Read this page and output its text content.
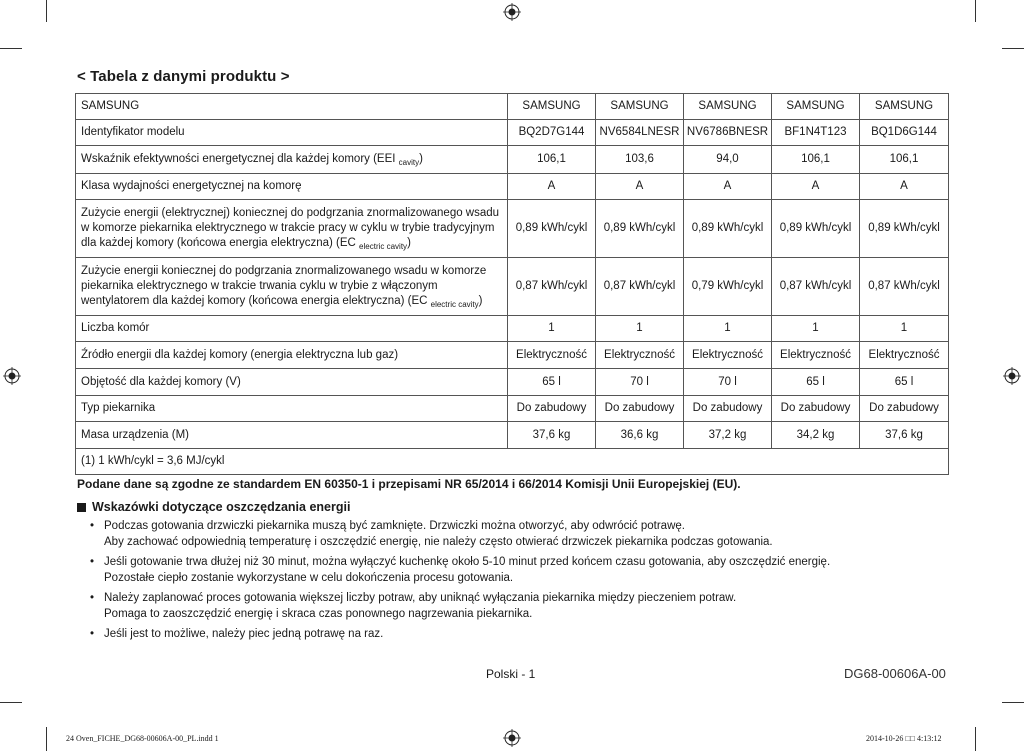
< Tabela z danymi produktu >
SAMSUNG	SAMSUNG	SAMSUNG	SAMSUNG	SAMSUNG	SAMSUNG
Identyfikator modelu	BQ2D7G144	NV6584LNESR	NV6786BNESR	BF1N4T123	BQ1D6G144
Wskaźnik efektywności energetycznej dla każdej komory (EEI $_{cavity}$)	106,1	103,6	94,0	106,1	106,1
Klasa wydajności energetycznej na komorę	A	A	A	A	A
Zużycie energii (elektrycznej) koniecznej do podgrzania znormalizowanego wsadu w komorze piekarnika elektrycznego w trakcie pracy w cyklu w trybie tradycyjnym dla każdej komory (końcowa energia elektryczna) (EC $_{electric cavity}$)	0,89 kWh/cykl	0,89 kWh/cykl	0,89 kWh/cykl	0,89 kWh/cykl	0,89 kWh/cykl
Zużycie energii koniecznej do podgrzania znormalizowanego wsadu w komorze piekarnika elektrycznego w trakcie trwania cyklu w trybie z włączonym wentylatorem dla każdej komory (końcowa energia elektryczna) (EC $_{electric cavity}$)	0,87 kWh/cykl	0,87 kWh/cykl	0,79 kWh/cykl	0,87 kWh/cykl	0,87 kWh/cykl
Liczba komór	1	1	1	1	1
Źródło energii dla każdej komory (energia elektryczna lub gaz)	Elektryczność	Elektryczność	Elektryczność	Elektryczność	Elektryczność
Objętość dla każdej komory (V)	65 l	70 l	70 l	65 l	65 l
Typ piekarnika	Do zabudowy	Do zabudowy	Do zabudowy	Do zabudowy	Do zabudowy
Masa urządzenia (M)	37,6 kg	36,6 kg	37,2 kg	34,2 kg	37,6 kg
(1) 1 kWh/cykl = 3,6 MJ/cykl					

Podane dane są zgodne ze standardem EN 60350-1 i przepisami NR 65/2014 i 66/2014 Komisji Unii Europejskiej (EU).

Wskazówki dotyczące oszczędzania energii
• Podczas gotowania drzwiczki piekarnika muszą być zamknięte. Drzwiczki można otworzyć, aby odwrócić potrawę.
Aby zachować odpowiednią temperaturę i oszczędzić energię, nie należy często otwierać drzwiczek piekarnika podczas gotowania.
• Jeśli gotowanie trwa dłużej niż 30 minut, można wyłączyć kuchenkę około 5-10 minut przed końcem czasu gotowania, aby oszczędzić energię.
Pozostałe ciepło zostanie wykorzystane w celu dokończenia procesu gotowania.
• Należy zaplanować proces gotowania większej liczby potraw, aby uniknąć wyłączania piekarnika między pieczeniem potraw.
Pomaga to zaoszczędzić energię i skraca czas ponownego nagrzewania piekarnika.
• Jeśli jest to możliwe, należy piec jedną potrawę na raz.
Polski - 1	DG68-00606A-00
24 Oven_FICHE_DG68-00606A-00_PL.indd 1	2014-10-26 □□ 4:13:12
